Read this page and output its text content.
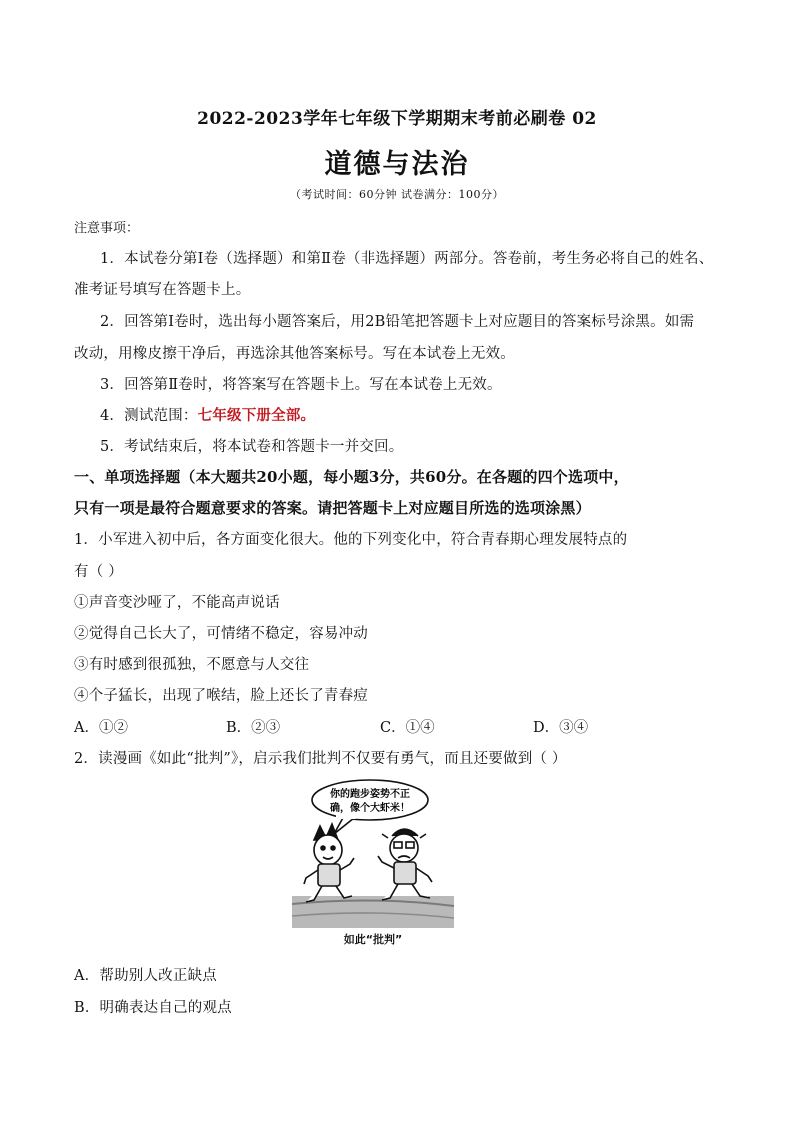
2022-2023学年七年级下学期期末考前必刷卷 02
道德与法治
（考试时间：60分钟 试卷满分：100分）
注意事项：
1．本试卷分第Ⅰ卷（选择题）和第Ⅱ卷（非选择题）两部分。答卷前，考生务必将自己的姓名、
准考证号填写在答题卡上。
2．回答第Ⅰ卷时，选出每小题答案后，用2B铅笔把答题卡上对应题目的答案标号涂黑。如需
改动，用橡皮擦干净后，再选涂其他答案标号。写在本试卷上无效。
3．回答第Ⅱ卷时，将答案写在答题卡上。写在本试卷上无效。
4．测试范围：七年级下册全部。
5．考试结束后，将本试卷和答题卡一并交回。
一、单项选择题（本大题共20小题，每小题3分，共60分。在各题的四个选项中，
只有一项是最符合题意要求的答案。请把答题卡上对应题目所选的选项涂黑）
1．小军进入初中后，各方面变化很大。他的下列变化中，符合青春期心理发展特点的
有（ ）
①声音变沙哑了，不能高声说话
②觉得自己长大了，可情绪不稳定，容易冲动
③有时感到很孤独，不愿意与人交往
④个子猛长，出现了喉结，脸上还长了青春痘
A．①②	B．②③	C．①④	D．③④
2．读漫画《如此“批判”》，启示我们批判不仅要有勇气，而且还要做到（ ）
你的跑步姿势不正
确，像个大虾米！
如此“批判”
A．帮助别人改正缺点
B．明确表达自己的观点
